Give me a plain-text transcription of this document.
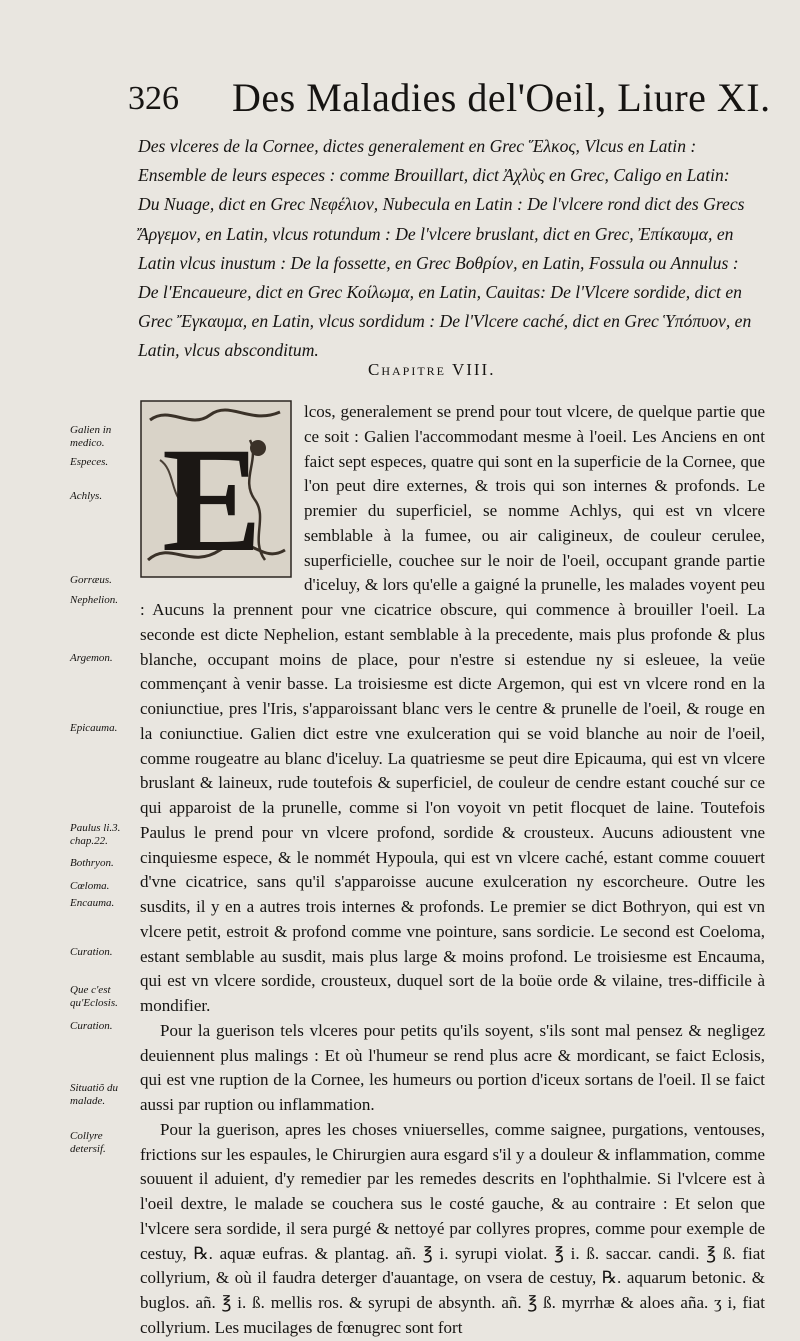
326 Des Maladies del'Oeil, Liure XI.

Des vlceres de la Cornee, dictes generalement en Grec Ἕλκος, Vlcus en Latin : Ensemble de leurs especes : comme Brouillart, dict Ἀχλὺς en Grec, Caligo en Latin: Du Nuage, dict en Grec Νεφέλιον, Nubecula en Latin : De l'vlcere rond dict des Grecs Ἄργεμον, en Latin, vlcus rotundum : De l'vlcere bruslant, dict en Grec, Ἐπίκαυμα, en Latin vlcus inustum : De la fossette, en Grec Βοθρίον, en Latin, Fossula ou Annulus : De l'Encaueure, dict en Grec Κοίλωμα, en Latin, Cauitas: De l'Vlcere sordide, dict en Grec Ἔγκαυμα, en Latin, vlcus sordidum : De l'Vlcere caché, dict en Grec Ὑπόπυον, en Latin, vlcus absconditum.

Chapitre VIII.
Galien in medico.
Especes.
Achlys.
Gorræus.
Nephelion.
Argemon.
Epicauma.
Paulus li.3. chap.22.
Bothryon.
Cœloma.
Encauma.
Curation.
Que c'est qu'Eclosis.
Curation.
Situatiõ du malade.
Collyre detersif.
E

lcos, generalement se prend pour tout vlcere, de quelque partie que ce soit : Galien l'accommodant mesme à l'oeil. Les Anciens en ont faict sept especes, quatre qui sont en la superficie de la Cornee, que l'on peut dire externes, & trois qui son internes & profonds. Le premier du superficiel, se nomme Achlys, qui est vn vlcere semblable à la fumee, ou air caligineux, de couleur cerulee, superficielle, couchee sur le noir de l'oeil, occupant grande partie d'iceluy, & lors qu'elle a gaigné la prunelle, les malades voyent peu : Aucuns la prennent pour vne cicatrice obscure, qui commence à brouiller l'oeil. La seconde est dicte Nephelion, estant semblable à la precedente, mais plus profonde & plus blanche, occupant moins de place, pour n'estre si estendue ny si esleuee, la veüe commençant à venir basse. La troisiesme est dicte Argemon, qui est vn vlcere rond en la coniunctiue, pres l'Iris, s'apparoissant blanc vers le centre & prunelle de l'oeil, & rouge en la coniunctiue. Galien dict estre vne exulceration qui se void blanche au noir de l'oeil, comme rougeatre au blanc d'iceluy. La quatriesme se peut dire Epicauma, qui est vn vlcere bruslant & laineux, rude toutefois & superficiel, de couleur de cendre estant couché sur ce qui apparoist de la prunelle, comme si l'on voyoit vn petit flocquet de laine. Toutefois Paulus le prend pour vn vlcere profond, sordide & crousteux. Aucuns adioustent vne cinquiesme espece, & le nommét Hypoula, qui est vn vlcere caché, estant comme couuert d'vne cicatrice, sans qu'il s'apparoisse aucune exulceration ny escorcheure. Outre les susdits, il y en a autres trois internes & profonds. Le premier se dict Bothryon, qui est vn vlcere petit, estroit & profond comme vne pointure, sans sordicie. Le second est Coeloma, estant semblable au susdit, mais plus large & moins profond. Le troisiesme est Encauma, qui est vn vlcere sordide, crousteux, duquel sort de la boüe orde & vilaine, tres-difficile à mondifier.

Pour la guerison tels vlceres pour petits qu'ils soyent, s'ils sont mal pensez & negligez deuiennent plus malings : Et où l'humeur se rend plus acre & mordicant, se faict Eclosis, qui est vne ruption de la Cornee, les humeurs ou portion d'iceux sortans de l'oeil. Il se faict aussi par ruption ou inflammation.

Pour la guerison, apres les choses vniuerselles, comme saignee, purgations, ventouses, frictions sur les espaules, le Chirurgien aura esgard s'il y a douleur & inflammation, comme souuent il aduient, d'y remedier par les remedes descrits en l'ophthalmie. Si l'vlcere est à l'oeil dextre, le malade se couchera sus le costé gauche, & au contraire : Et selon que l'vlcere sera sordide, il sera purgé & nettoyé par collyres propres, comme pour exemple de cestuy, ℞. aquæ eufras. & plantag. añ. ℥ i. syrupi violat. ℥ i. ß. saccar. candi. ℥ ß. fiat collyrium, & où il faudra deterger d'auantage, on vsera de cestuy, ℞. aquarum betonic. & buglos. añ. ℥ i. ß. mellis ros. & syrupi de absynth. añ. ℥ ß. myrrhæ & aloes aña. ʒ i, fiat collyrium. Les mucilages de fœnugrec sont fort
